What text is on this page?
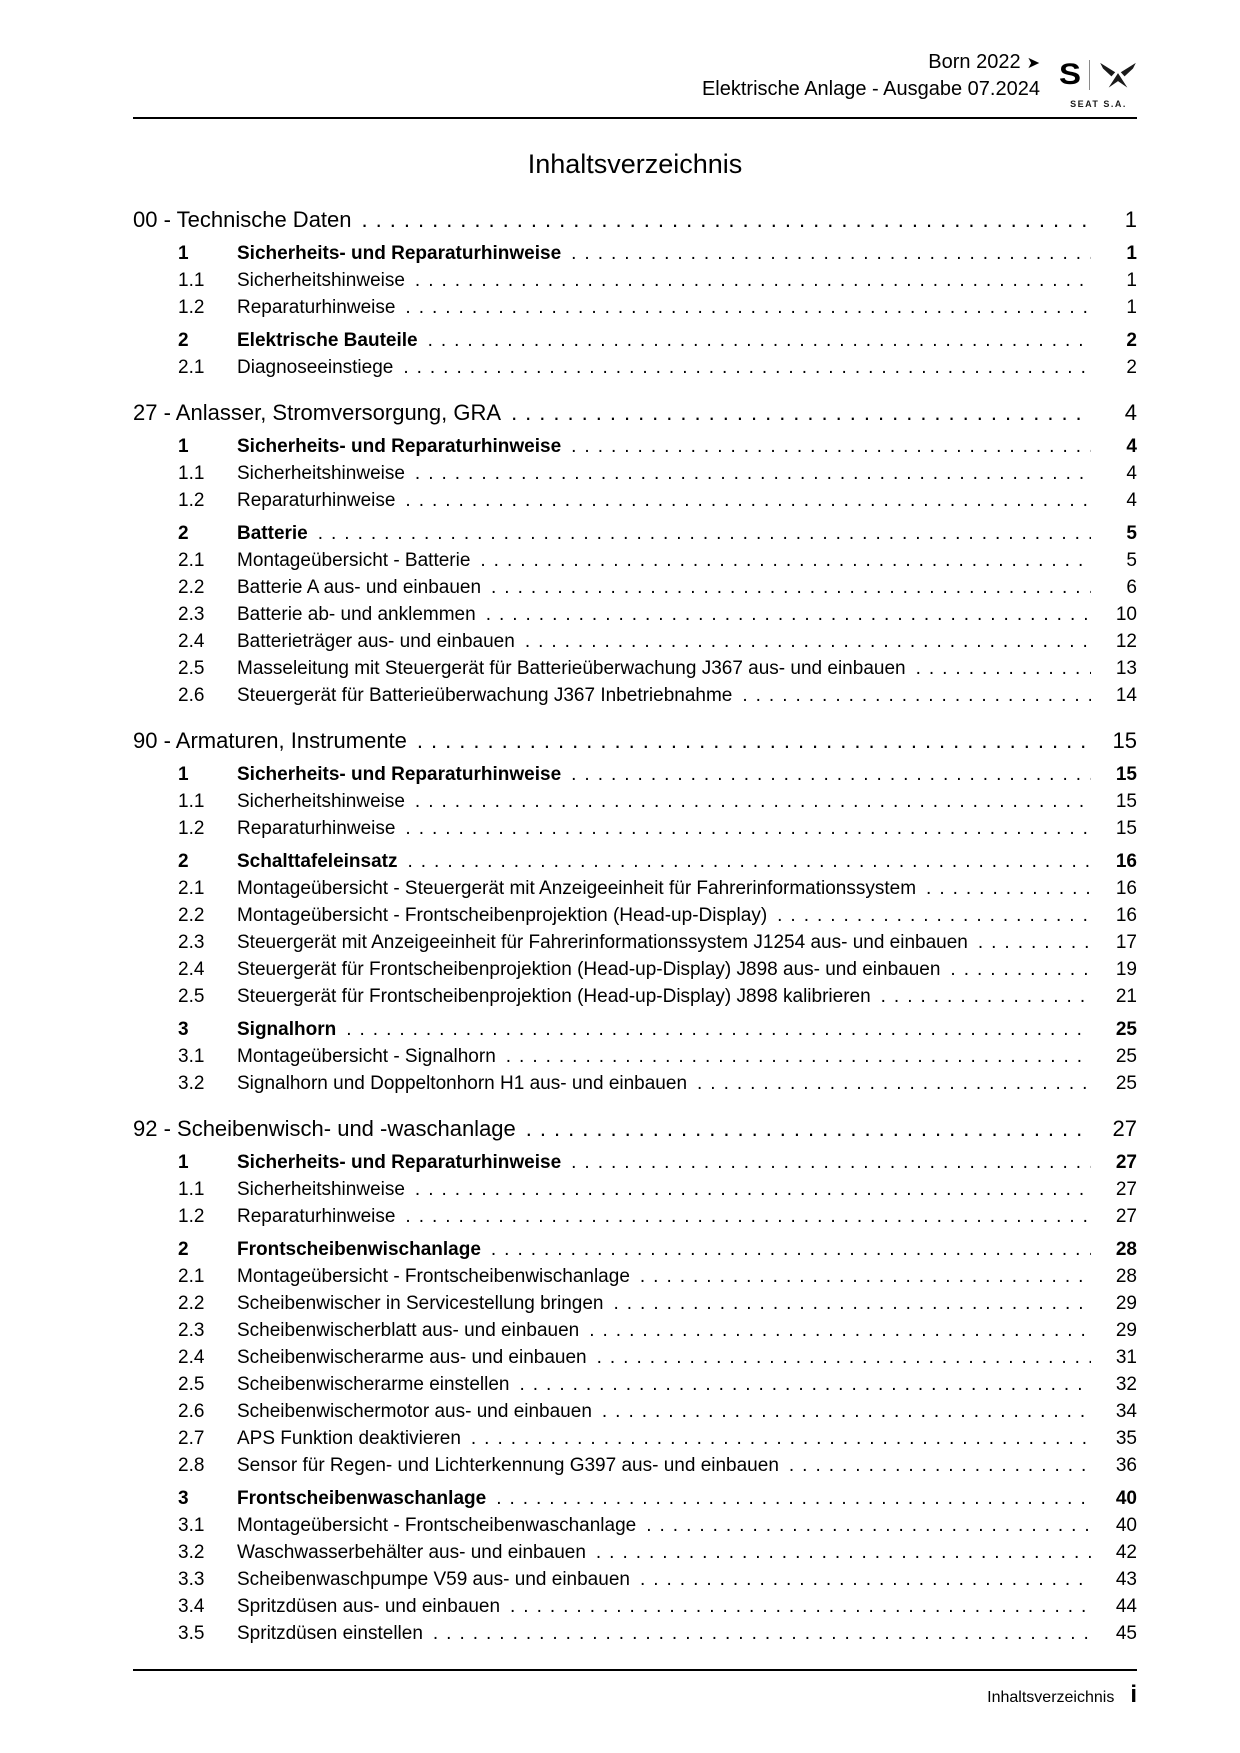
Born 2022 ➤
Elektrische Anlage - Ausgabe 07.2024 S
SEAT S.A.
Inhaltsverzeichnis
00 - Technische Daten .....	1
1	Sicherheits- und Reparaturhinweise .....	1
1.1	Sicherheitshinweise .....	1
1.2	Reparaturhinweise .....	1
2	Elektrische Bauteile .....	2
2.1	Diagnoseeinstiege .....	2
27 - Anlasser, Stromversorgung, GRA .....	4
1	Sicherheits- und Reparaturhinweise .....	4
1.1	Sicherheitshinweise .....	4
1.2	Reparaturhinweise .....	4
2	Batterie .....	5
2.1	Montageübersicht - Batterie .....	5
2.2	Batterie A aus- und einbauen .....	6
2.3	Batterie ab- und anklemmen .....	10
2.4	Batterieträger aus- und einbauen .....	12
2.5	Masseleitung mit Steuergerät für Batterieüberwachung J367 aus- und einbauen .....	13
2.6	Steuergerät für Batterieüberwachung J367 Inbetriebnahme .....	14
90 - Armaturen, Instrumente .....	15
1	Sicherheits- und Reparaturhinweise .....	15
1.1	Sicherheitshinweise .....	15
1.2	Reparaturhinweise .....	15
2	Schalttafeleinsatz .....	16
2.1	Montageübersicht - Steuergerät mit Anzeigeeinheit für Fahrerinformationssystem .....	16
2.2	Montageübersicht - Frontscheibenprojektion (Head-up-Display) .....	16
2.3	Steuergerät mit Anzeigeeinheit für Fahrerinformationssystem J1254 aus- und einbauen .....	17
2.4	Steuergerät für Frontscheibenprojektion (Head-up-Display) J898 aus- und einbauen .....	19
2.5	Steuergerät für Frontscheibenprojektion (Head-up-Display) J898 kalibrieren .....	21
3	Signalhorn .....	25
3.1	Montageübersicht - Signalhorn .....	25
3.2	Signalhorn und Doppeltonhorn H1 aus- und einbauen .....	25
92 - Scheibenwisch- und -waschanlage .....	27
1	Sicherheits- und Reparaturhinweise .....	27
1.1	Sicherheitshinweise .....	27
1.2	Reparaturhinweise .....	27
2	Frontscheibenwischanlage .....	28
2.1	Montageübersicht - Frontscheibenwischanlage .....	28
2.2	Scheibenwischer in Servicestellung bringen .....	29
2.3	Scheibenwischerblatt aus- und einbauen .....	29
2.4	Scheibenwischerarme aus- und einbauen .....	31
2.5	Scheibenwischerarme einstellen .....	32
2.6	Scheibenwischermotor aus- und einbauen .....	34
2.7	APS Funktion deaktivieren .....	35
2.8	Sensor für Regen- und Lichterkennung G397 aus- und einbauen .....	36
3	Frontscheibenwaschanlage .....	40
3.1	Montageübersicht - Frontscheibenwaschanlage .....	40
3.2	Waschwasserbehälter aus- und einbauen .....	42
3.3	Scheibenwaschpumpe V59 aus- und einbauen .....	43
3.4	Spritzdüsen aus- und einbauen .....	44
3.5	Spritzdüsen einstellen .....	45
Inhaltsverzeichnis i
